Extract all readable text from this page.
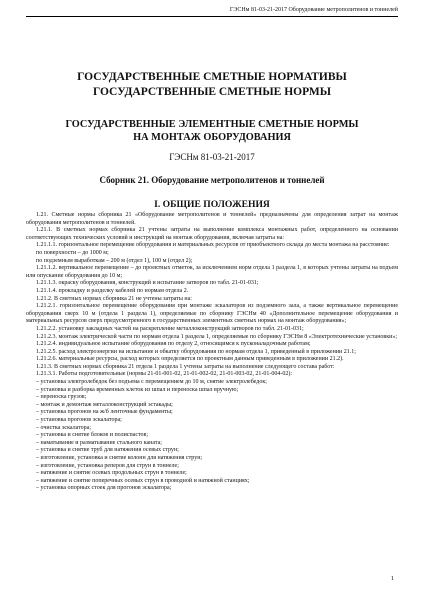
ГЭСНм 81-03-21-2017 Оборудование метрополитенов и тоннелей
ГОСУДАРСТВЕННЫЕ СМЕТНЫЕ НОРМАТИВЫ
ГОСУДАРСТВЕННЫЕ СМЕТНЫЕ НОРМЫ
ГОСУДАРСТВЕННЫЕ ЭЛЕМЕНТНЫЕ СМЕТНЫЕ НОРМЫ
НА МОНТАЖ ОБОРУДОВАНИЯ
ГЭСНм 81-03-21-2017
Сборник 21. Оборудование метрополитенов и тоннелей
I. ОБЩИЕ ПОЛОЖЕНИЯ

1.21. Сметные нормы сборника 21 «Оборудование метрополитенов и тоннелей» предназначены для определения затрат на монтаж оборудования метрополитенов и тоннелей.

1.21.1. В сметных нормах сборника 21 учтены затраты на выполнение комплекса монтажных работ, определенного на основании соответствующих технических условий и инструкций на монтаж оборудования, включая затраты на:

1.21.1.1. горизонтальное перемещение оборудования и материальных ресурсов от приобъектного склада до места монтажа на расстояние:

по поверхности – до 1000 м;

по подземным выработкам – 200 м (отдел 1), 100 м (отдел 2);

1.21.1.2. вертикальное перемещение – до проектных отметок, за исключением норм отдела 1 раздела 1, в которых учтены затраты на подъем или опускание оборудования до 10 м;

1.21.1.3. окраску оборудования, конструкций и испытание затворов по табл. 21-01-031;

1.21.1.4. прокладку и разделку кабелей по нормам отдела 2.

1.21.2. В сметных нормах сборника 21 не учтены затраты на:

1.21.2.1. горизонтальное перемещение оборудования при монтаже эскалаторов из подземного зала, а также вертикальное перемещение оборудования сверх 10 м (отдела 1 раздела 1), определяемые по сборнику ГЭСНм 40 «Дополнительное перемещение оборудования и материальных ресурсов сверх предусмотренного в государственных элементных сметных нормах на монтаж оборудования»;

1.21.2.2. установку закладных частей на раскрепление металлоконструкций затворов по табл. 21-01-031;

1.21.2.3. монтаж электрической части по нормам отдела 1 раздела 1, определяемые по сборнику ГЭСНм 8 «Электротехнические установки»;

1.21.2.4. индивидуальное испытание оборудования по отделу 2, относящимся к пусконаладочным работам;

1.21.2.5. расход электроэнергии на испытание и обкатку оборудования по нормам отдела 1, приведенный в приложении 21.1;

1.21.2.6. материальные ресурсы, расход которых определяется по проектным данным приведенным в приложении 21.2).

1.21.3. В сметных нормах сборника 21 отдела 1 раздела 1 учтены затраты на выполнение следующего состава работ:

1.21.3.1. Работы подготовительные (нормы 21-01-001-02, 21-01-002-02, 21-01-003-02, 21-01-004-02):

– установка электролебедок без подъема с перемещением до 10 м, снятие электролебедок;

– установка и разборка временных клеток из шпал и перенoска шпал вручную;

– переноска грузов;

– монтаж и демонтаж металлоконструкций эстакады;

– установка прогонов на ж/б ленточные фундаменты;

– установка прогонов эскалатора;

– очистка эскалатора;

– установка и снятие блоков и полиспастов;

– наматывание и разматывание стального каната;

– установка и снятие труб для натяжения осевых струн;

– изготовление, установка и снятие колонн для натяжения струн;

– изготовление, установка реперов для струн в тоннеле;

– натяжение и снятие осевых продольных струн в тоннеле;

– натяжение и снятие поперечных осевых струн в проводной и натяжной станциях;

– установка опорных стоек для прогонов эскалатора;

1
